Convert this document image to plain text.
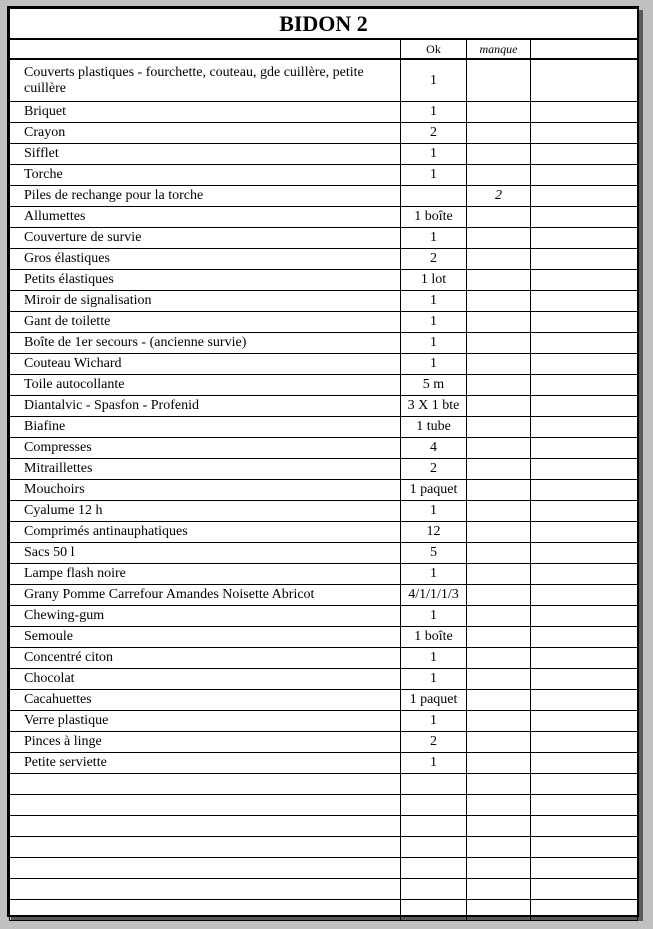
BIDON 2			
	Ok	manque	
Couverts plastiques - fourchette, couteau, gde cuillère, petite cuillère	1		
Briquet	1		
Crayon	2		
Sifflet	1		
Torche	1		
Piles de rechange pour la torche		2	
Allumettes	1 boîte		
Couverture de survie	1		
Gros élastiques	2		
Petits élastiques	1 lot		
Miroir de signalisation	1		
Gant de toilette	1		
Boîte de 1er secours - (ancienne survie)	1		
Couteau Wichard	1		
Toile autocollante	5 m		
Diantalvic - Spasfon - Profenid	3 X 1 bte		
Biafine	1 tube		
Compresses	4		
Mitraillettes	2		
Mouchoirs	1 paquet		
Cyalume 12 h	1		
Comprimés antinauphatiques	12		
Sacs 50 l	5		
Lampe flash noire	1		
Grany Pomme Carrefour Amandes Noisette Abricot	4/1/1/1/3		
Chewing-gum	1		
Semoule	1 boîte		
Concentré citon	1		
Chocolat	1		
Cacahuettes	1 paquet		
Verre plastique	1		
Pinces à linge	2		
Petite serviette	1		
